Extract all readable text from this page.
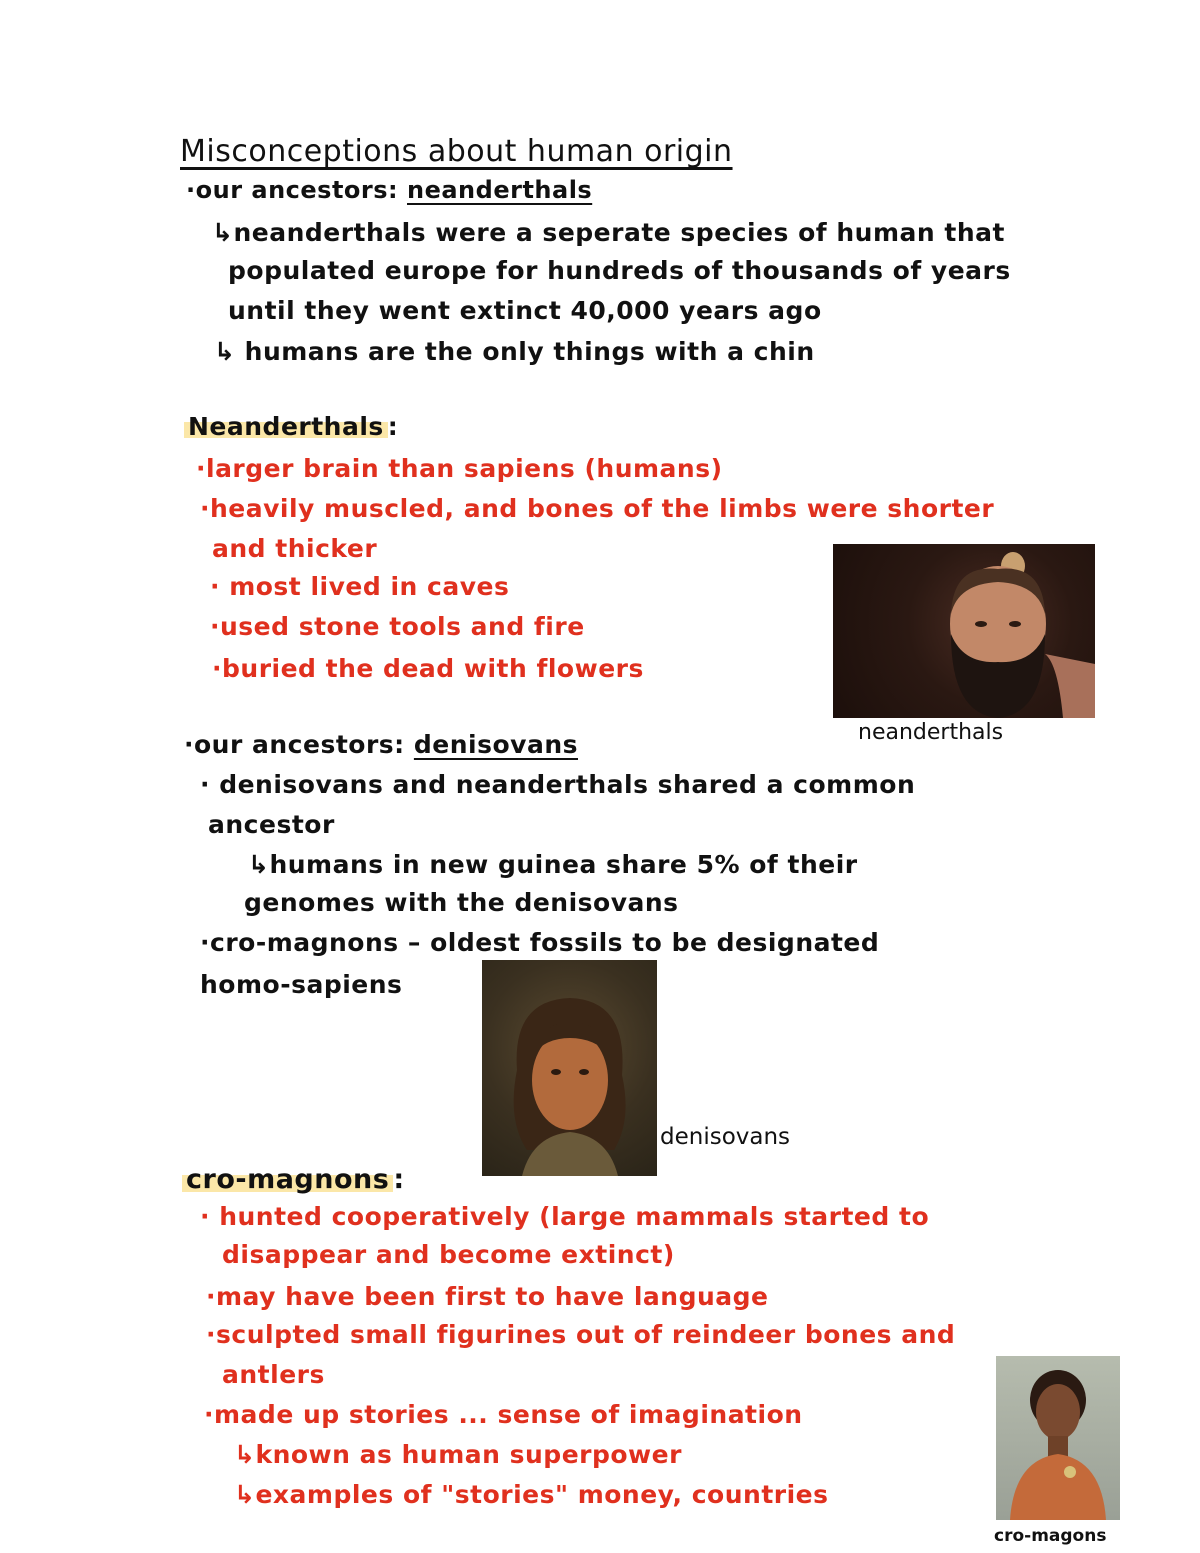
Misconceptions about human origin
·our ancestors: neanderthals
↳neanderthals were a seperate species of human that
populated europe for hundreds of thousands of years
until they went extinct 40,000 years ago
↳ humans are the only things with a chin
Neanderthals :
·larger brain than sapiens (humans)
·heavily muscled, and bones of the limbs were shorter
and thicker
· most lived in caves
·used stone tools and fire
·buried the dead with flowers
neanderthals
·our ancestors: denisovans
· denisovans and neanderthals shared a common
ancestor
↳humans in new guinea share 5% of their
genomes with the denisovans
·cro-magnons – oldest fossils to be designated
homo-sapiens
denisovans
cro-magnons :
· hunted cooperatively (large mammals started to
disappear and become extinct)
·may have been first to have language
·sculpted small figurines out of reindeer bones and
antlers
·made up stories ... sense of imagination
↳known as human superpower
↳examples of "stories" money, countries
cro-magons
